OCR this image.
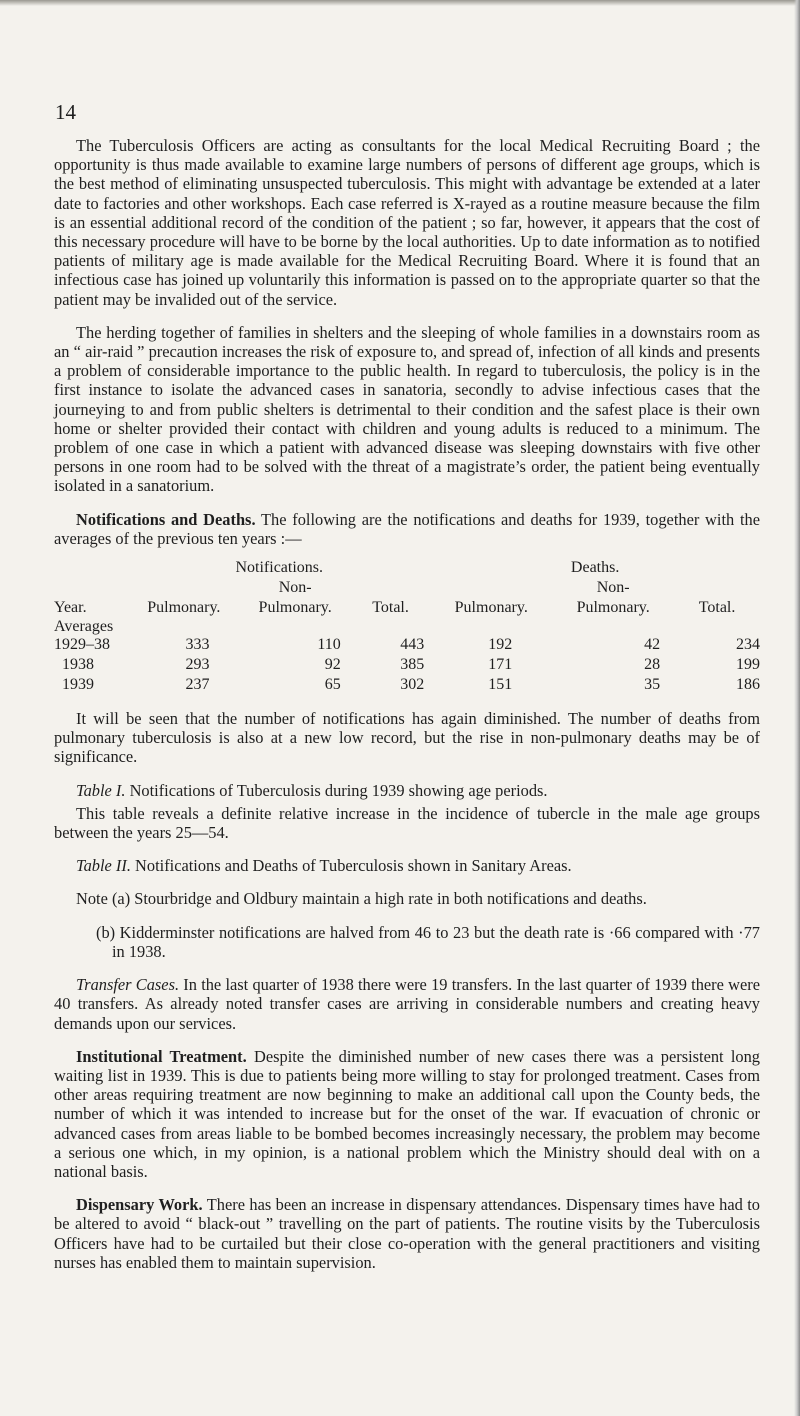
14

The Tuberculosis Officers are acting as consultants for the local Medical Recruiting Board ; the opportunity is thus made available to examine large numbers of persons of different age groups, which is the best method of eliminating unsuspected tuberculosis. This might with advantage be extended at a later date to factories and other workshops. Each case referred is X-rayed as a routine measure because the film is an essential additional record of the condition of the patient ; so far, however, it appears that the cost of this necessary procedure will have to be borne by the local authorities. Up to date information as to notified patients of military age is made available for the Medical Recruiting Board. Where it is found that an infectious case has joined up voluntarily this information is passed on to the appropriate quarter so that the patient may be invalided out of the service.

The herding together of families in shelters and the sleeping of whole families in a downstairs room as an “ air-raid ” precaution increases the risk of exposure to, and spread of, infection of all kinds and presents a problem of considerable importance to the public health. In regard to tuberculosis, the policy is in the first instance to isolate the advanced cases in sanatoria, secondly to advise infectious cases that the journeying to and from public shelters is detrimental to their condition and the safest place is their own home or shelter provided their contact with children and young adults is reduced to a minimum. The problem of one case in which a patient with advanced disease was sleeping downstairs with five other persons in one room had to be solved with the threat of a magistrate’s order, the patient being eventually isolated in a sanatorium.

Notifications and Deaths. The following are the notifications and deaths for 1939, together with the averages of the previous ten years :—

	Notifications.			Deaths.		
		Non-			Non-	
Year.	Pulmonary.	Pulmonary.	Total.	Pulmonary.	Pulmonary.	Total.
Averages						
1929–38	333	110	443	192	42	234
1938	293	92	385	171	28	199
1939	237	65	302	151	35	186

It will be seen that the number of notifications has again diminished. The number of deaths from pulmonary tuberculosis is also at a new low record, but the rise in non-pulmonary deaths may be of significance.

Table I. Notifications of Tuberculosis during 1939 showing age periods.

This table reveals a definite relative increase in the incidence of tubercle in the male age groups between the years 25—54.

Table II. Notifications and Deaths of Tuberculosis shown in Sanitary Areas.

Note (a) Stourbridge and Oldbury maintain a high rate in both notifications and deaths.

(b) Kidderminster notifications are halved from 46 to 23 but the death rate is ·66 compared with ·77 in 1938.

Transfer Cases. In the last quarter of 1938 there were 19 transfers. In the last quarter of 1939 there were 40 transfers. As already noted transfer cases are arriving in considerable numbers and creating heavy demands upon our services.

Institutional Treatment. Despite the diminished number of new cases there was a persistent long waiting list in 1939. This is due to patients being more willing to stay for prolonged treatment. Cases from other areas requiring treatment are now beginning to make an additional call upon the County beds, the number of which it was intended to increase but for the onset of the war. If evacuation of chronic or advanced cases from areas liable to be bombed becomes increasingly necessary, the problem may become a serious one which, in my opinion, is a national problem which the Ministry should deal with on a national basis.

Dispensary Work. There has been an increase in dispensary attendances. Dispensary times have had to be altered to avoid “ black-out ” travelling on the part of patients. The routine visits by the Tuberculosis Officers have had to be curtailed but their close co-operation with the general practitioners and visiting nurses has enabled them to maintain supervision.
